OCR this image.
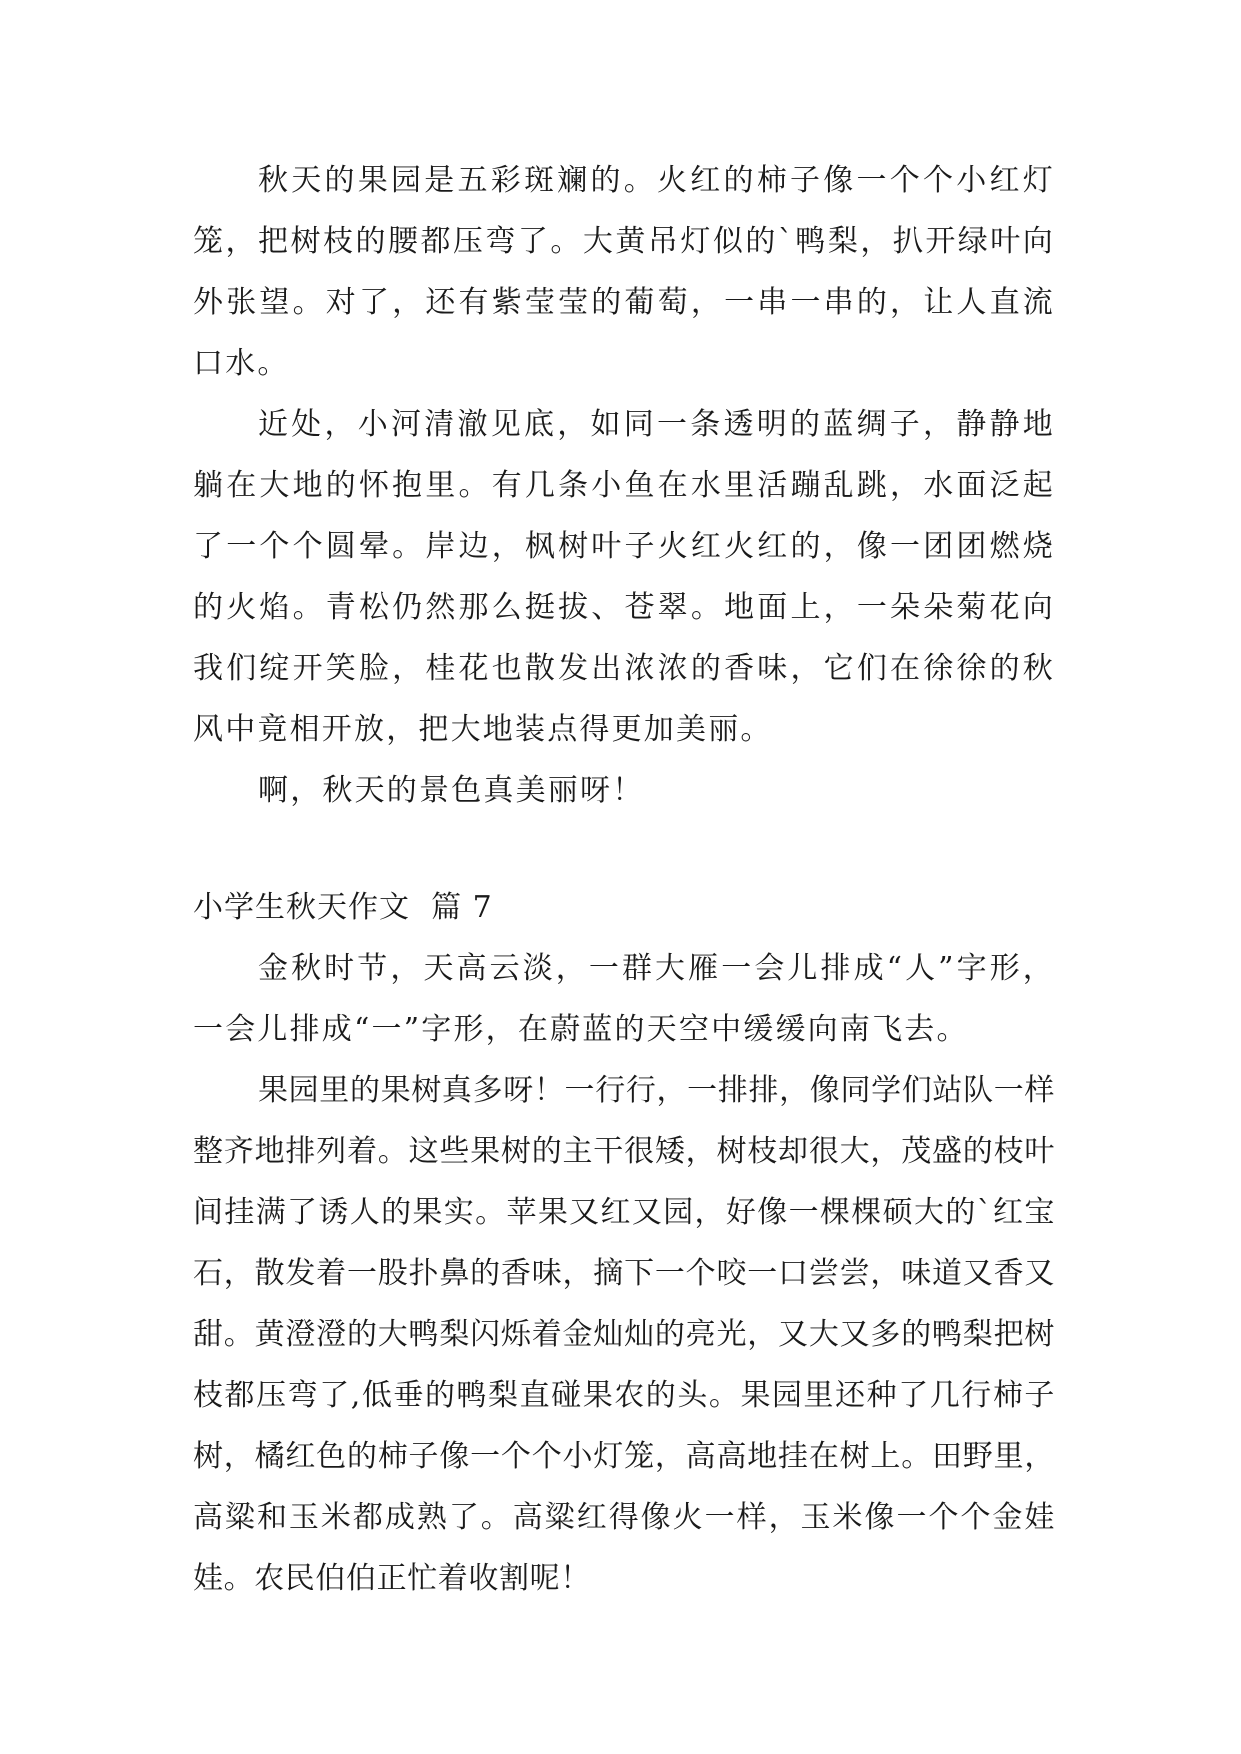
秋天的果园是五彩斑斓的。火红的柿子像一个个小红灯笼，把树枝的腰都压弯了。大黄吊灯似的`鸭梨，扒开绿叶向外张望。对了，还有紫莹莹的葡萄，一串一串的，让人直流口水。

近处，小河清澈见底，如同一条透明的蓝绸子，静静地躺在大地的怀抱里。有几条小鱼在水里活蹦乱跳，水面泛起了一个个圆晕。岸边，枫树叶子火红火红的，像一团团燃烧的火焰。青松仍然那么挺拔、苍翠。地面上，一朵朵菊花向我们绽开笑脸，桂花也散发出浓浓的香味，它们在徐徐的秋风中竟相开放，把大地装点得更加美丽。

啊，秋天的景色真美丽呀！

小学生秋天作文  篇 7

金秋时节，天高云淡，一群大雁一会儿排成“人”字形，一会儿排成“一”字形，在蔚蓝的天空中缓缓向南飞去。

果园里的果树真多呀！一行行，一排排，像同学们站队一样整齐地排列着。这些果树的主干很矮，树枝却很大，茂盛的枝叶间挂满了诱人的果实。苹果又红又园，好像一棵棵硕大的`红宝石，散发着一股扑鼻的香味，摘下一个咬一口尝尝，味道又香又甜。黄澄澄的大鸭梨闪烁着金灿灿的亮光，又大又多的鸭梨把树枝都压弯了,低垂的鸭梨直碰果农的头。果园里还种了几行柿子树，橘红色的柿子像一个个小灯笼，高高地挂在树上。田野里，高粱和玉米都成熟了。高粱红得像火一样，玉米像一个个金娃娃。农民伯伯正忙着收割呢！
